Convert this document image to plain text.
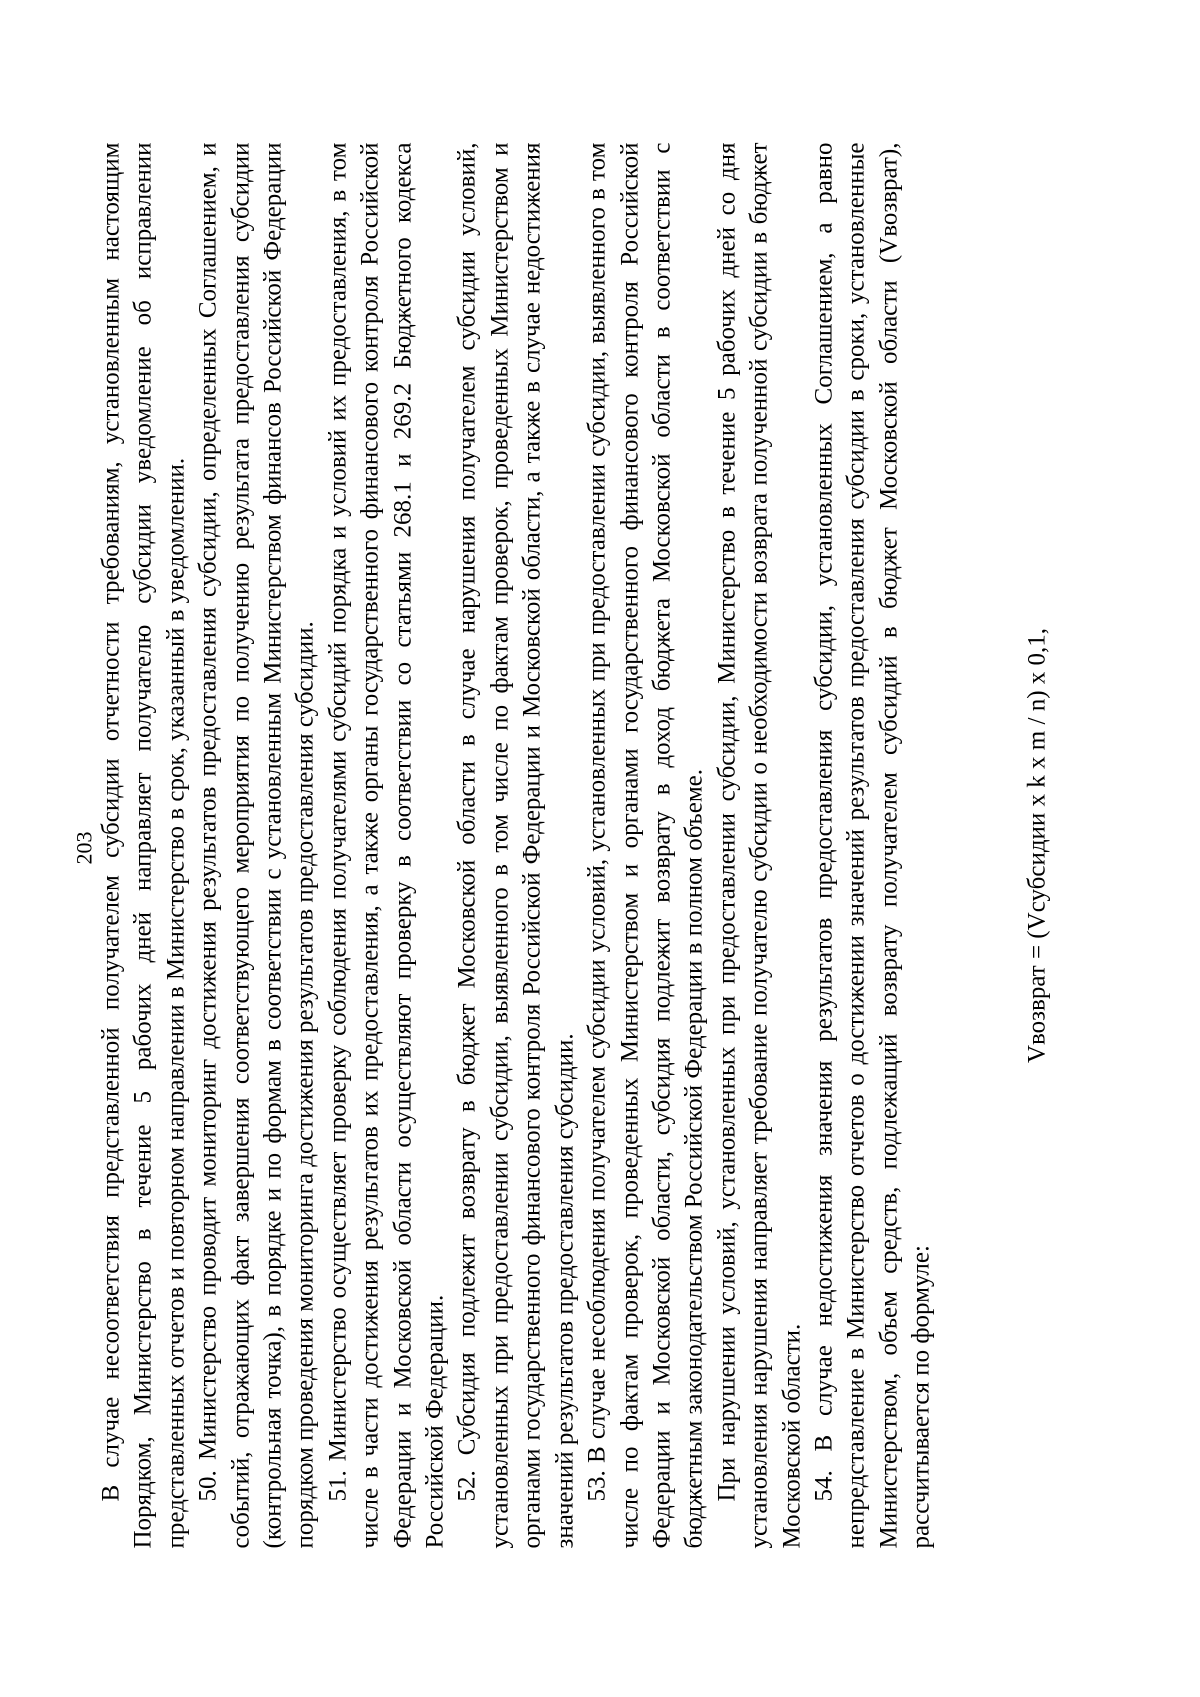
203 В случае несоответствия представленной получателем субсидии отчетности требованиям, установленным настоящим Порядком, Министерство в течение 5 рабочих дней направляет получателю субсидии уведомление об исправлении представленных отчетов и повторном направлении в Министерство в срок, указанный в уведомлении. 50. Министерство проводит мониторинг достижения результатов предоставления субсидии, определенных Соглашением, и событий, отражающих факт завершения соответствующего мероприятия по получению результата предоставления субсидии (контрольная точка), в порядке и по формам в соответствии с установленным Министерством финансов Российской Федерации порядком проведения мониторинга достижения результатов предоставления субсидии. 51. Министерство осуществляет проверку соблюдения получателями субсидий порядка и условий их предоставления, в том числе в части достижения результатов их предоставления, а также органы государственного финансового контроля Российской Федерации и Московской области осуществляют проверку в соответствии со статьями 268.1 и 269.2 Бюджетного кодекса Российской Федерации. 52. Субсидия подлежит возврату в бюджет Московской области в случае нарушения получателем субсидии условий, установленных при предоставлении субсидии, выявленного в том числе по фактам проверок, проведенных Министерством и органами государственного финансового контроля Российской Федерации и Московской области, а также в случае недостижения значений результатов предоставления субсидии. 53. В случае несоблюдения получателем субсидии условий, установленных при предоставлении субсидии, выявленного в том числе по фактам проверок, проведенных Министерством и органами государственного финансового контроля Российской Федерации и Московской области, субсидия подлежит возврату в доход бюджета Московской области в соответствии с бюджетным законодательством Российской Федерации в полном объеме. При нарушении условий, установленных при предоставлении субсидии, Министерство в течение 5 рабочих дней со дня установления нарушения направляет требование получателю субсидии о необходимости возврата полученной субсидии в бюджет Московской области. 54. В случае недостижения значения результатов предоставления субсидии, установленных Соглашением, а равно непредставление в Министерство отчетов о достижении значений результатов предоставления субсидии в сроки, установленные Министерством, объем средств, подлежащий возврату получателем субсидий в бюджет Московской области (Vвозврат), рассчитывается по формуле:

Vвозврат = (Vсубсидии x k x m / n) x 0,1,
